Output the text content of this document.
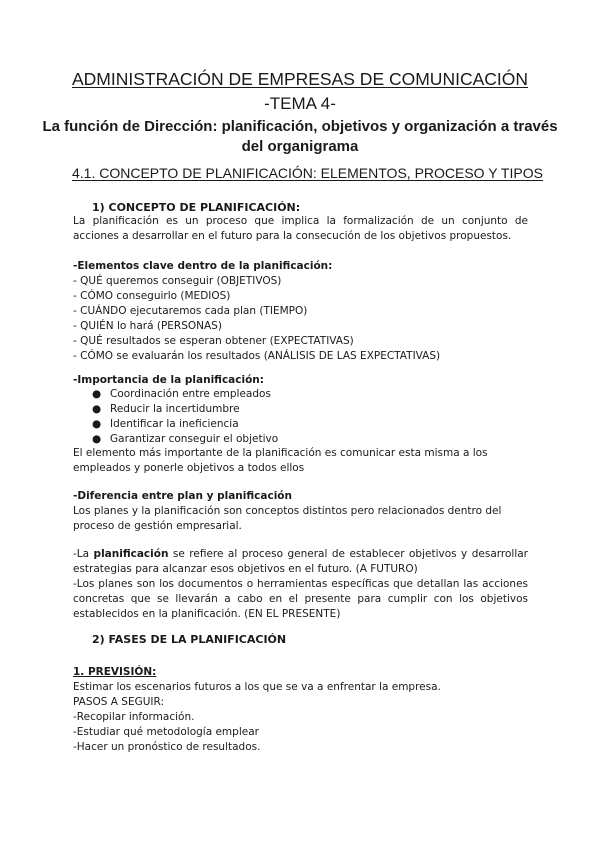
ADMINISTRACIÓN DE EMPRESAS DE COMUNICACIÓN
-TEMA 4-
La función de Dirección: planificación, objetivos y organización a través del organigrama
4.1. CONCEPTO DE PLANIFICACIÓN: ELEMENTOS, PROCESO Y TIPOS
1) CONCEPTO DE PLANIFICACIÓN:
La planificación es un proceso que implica la formalización de un conjunto de acciones a desarrollar en el futuro para la consecución de los objetivos propuestos.
-Elementos clave dentro de la planificación:
- QUÉ queremos conseguir (OBJETIVOS)
- CÓMO conseguirlo (MEDIOS)
- CUÁNDO ejecutaremos cada plan (TIEMPO)
- QUIÉN lo hará (PERSONAS)
- QUÉ resultados se esperan obtener (EXPECTATIVAS)
- CÓMO se evaluarán los resultados (ANÁLISIS DE LAS EXPECTATIVAS)
-Importancia de la planificación:
● Coordinación entre empleados
● Reducir la incertidumbre
● Identificar la ineficiencia
● Garantizar conseguir el objetivo
El elemento más importante de la planificación es comunicar esta misma a los empleados y ponerle objetivos a todos ellos
-Diferencia entre plan y planificación
Los planes y la planificación son conceptos distintos pero relacionados dentro del proceso de gestión empresarial.
-La planificación se refiere al proceso general de establecer objetivos y desarrollar estrategias para alcanzar esos objetivos en el futuro. (A FUTURO)
-Los planes son los documentos o herramientas específicas que detallan las acciones concretas que se llevarán a cabo en el presente para cumplir con los objetivos establecidos en la planificación. (EN EL PRESENTE)
2) FASES DE LA PLANIFICACIÓN
1. PREVISIÓN:
Estimar los escenarios futuros a los que se va a enfrentar la empresa.
PASOS A SEGUIR:
-Recopilar información.
-Estudiar qué metodología emplear
-Hacer un pronóstico de resultados.
